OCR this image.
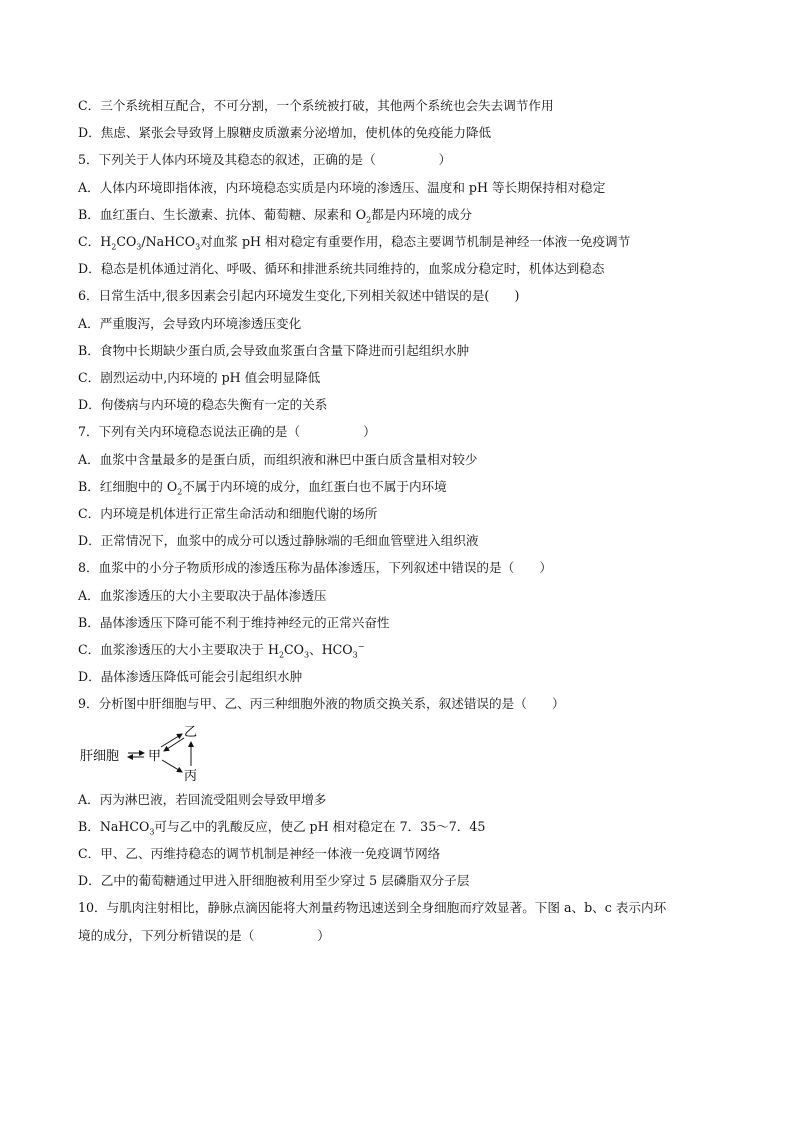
C．三个系统相互配合，不可分割，一个系统被打破，其他两个系统也会失去调节作用
D．焦虑、紧张会导致肾上腺糖皮质激素分泌增加，使机体的免疫能力降低
5．下列关于人体内环境及其稳态的叙述，正确的是（　　　　　）
A．人体内环境即指体液，内环境稳态实质是内环境的渗透压、温度和 pH 等长期保持相对稳定
B．血红蛋白、生长激素、抗体、葡萄糖、尿素和 $O_2$都是内环境的成分
C．$H_2CO_3/NaHCO_3$对血浆 pH 相对稳定有重要作用，稳态主要调节机制是神经一体液一免疫调节
D．稳态是机体通过消化、呼吸、循环和排泄系统共同维持的，血浆成分稳定时，机体达到稳态
6．日常生活中,很多因素会引起内环境发生变化,下列相关叙述中错误的是(　　)
A．严重腹泻，会导致内环境渗透压变化
B．食物中长期缺少蛋白质,会导致血浆蛋白含量下降进而引起组织水肿
C．剧烈运动中,内环境的 pH 值会明显降低
D．佝偻病与内环境的稳态失衡有一定的关系
7．下列有关内环境稳态说法正确的是（　　　　　）
A．血浆中含量最多的是蛋白质，而组织液和淋巴中蛋白质含量相对较少
B．红细胞中的 $O_2$不属于内环境的成分，血红蛋白也不属于内环境
C．内环境是机体进行正常生命活动和细胞代谢的场所
D．正常情况下，血浆中的成分可以透过静脉端的毛细血管壁进入组织液
8．血浆中的小分子物质形成的渗透压称为晶体渗透压，下列叙述中错误的是（　　）
A．血浆渗透压的大小主要取决于晶体渗透压
B．晶体渗透压下降可能不利于维持神经元的正常兴奋性
C．血浆渗透压的大小主要取决于 $H_2CO_3$、$HCO_3^-$
D．晶体渗透压降低可能会引起组织水肿
9．分析图中肝细胞与甲、乙、丙三种细胞外液的物质交换关系，叙述错误的是（　　）
肝细胞 甲
乙
丙
A．丙为淋巴液，若回流受阻则会导致甲增多
B．NaHCO$_3$可与乙中的乳酸反应，使乙 pH 相对稳定在 7．35～7．45
C．甲、乙、丙维持稳态的调节机制是神经一体液一免疫调节网络
D．乙中的葡萄糖通过甲进入肝细胞被利用至少穿过 5 层磷脂双分子层
10．与肌肉注射相比，静脉点滴因能将大剂量药物迅速送到全身细胞而疗效显著。下图 a、b、c 表示内环
境的成分，下列分析错误的是（　　　　　）
